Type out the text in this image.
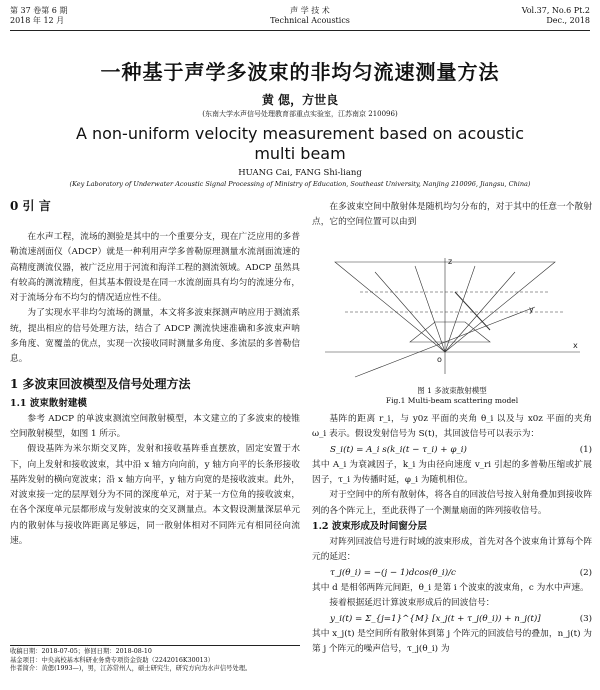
第 37 卷第 6 期
2018 年 12 月
声 学 技 术
Technical Acoustics
Vol.37, No.6 Pt.2
Dec., 2018
一种基于声学多波束的非均匀流速测量方法
黄 偲，方世良
(东南大学水声信号处理教育部重点实验室，江苏南京 210096)
A non-uniform velocity measurement based on acoustic multi beam
HUANG Cai, FANG Shi-liang
(Key Laboratory of Underwater Acoustic Signal Processing of Ministry of Education, Southeast University, Nanjing 210096, Jiangsu, China)
0 引 言
在水声工程，流场的测验是其中的一个重要分支，现在广泛应用的多普勒流速剖面仪（ADCP）就是一种利用声学多普勒原理测量水流剖面流速的高精度测流仪器，被广泛应用于河流和海洋工程的测流领域。ADCP 虽然具有较高的测流精度，但其基本假设是在同一水流剖面具有均匀的流速分布，对于流场分布不均匀的情况适应性不佳。
为了实现水平非均匀流场的测量，本文将多波束探测声呐应用于测流系统，提出相应的信号处理方法，结合了 ADCP 测流快速准确和多波束声呐多角度、宽覆盖的优点，实现一次接收同时测量多角度、多流层的多普勒信息。
1 多波束回波模型及信号处理方法
1.1 波束散射建模
参考 ADCP 的单波束测流空间散射模型，本文建立的了多波束的棱锥空间散射模型，如图 1 所示。
假设基阵为米尔斯交叉阵，发射和接收基阵垂直摆放，固定安置于水下，向上发射和接收波束，其中沿 x 轴方向向前，y 轴方向平的长条形接收基阵发射的横向宽波束；沿 x 轴方向平，y 轴方向宽的是接收波束。此外，对波束接一定的层厚划分为不同的深度单元，对于某一方位角的接收波束，在各个深度单元层都形成与发射波束的交叉测量点。本文假设测量深层单元内的散射体与接收阵距离足够远，同一散射体相对不同阵元有相同径向流速。
在多波束空间中散射体是随机均匀分布的，对于其中的任意一个散射点，它的空间位置可以由到
x
y
z
o
图 1 多波束散射模型
Fig.1 Multi-beam scattering model
基阵的距离 r_i，与 y0z 平面的夹角 θ_i 以及与 x0z 平面的夹角 ω_i 表示。假设发射信号为 S(t)，其回波信号可以表示为：
S_i(t) = A_i s(k_i(t − τ_i) + φ_i)	(1)
其中 A_i 为衰减因子，k_i 为由径向速度 v_ri 引起的多普勒压缩或扩展因子，τ_i 为传播时延，φ_i 为随机相位。
对于空间中的所有散射体，将各自的回波信号按入射角叠加到接收阵列的各个阵元上，至此获得了一个测量扇面的阵列接收信号。
1.2 波束形成及时间窗分层
对阵列回波信号进行时域的波束形成，首先对各个波束角计算每个阵元的延迟：
τ_j(θ_i) = −(j − 1)dcos(θ_i)/c	(2)
其中 d 是相邻两阵元间距，θ_i 是第 i 个波束的波束角，c 为水中声速。
接着根据延迟计算波束形成后的回波信号：
y_i(t) = Σ_{j=1}^{M} [x_j(t + τ_j(θ_i)) + n_j(t)]	(3)
其中 x_j(t) 是空间所有散射体到第 j 个阵元的回波信号的叠加，n_j(t) 为第 j 个阵元的噪声信号，τ_j(θ_i) 为
收稿日期：2018-07-05；修回日期：2018-08-10
基金项目：中央高校基本科研业务费专项资金资助（2242016K30013）
作者简介：黄偲(1993—)，男，江苏常州人，硕士研究生，研究方向为水声信号处理。
